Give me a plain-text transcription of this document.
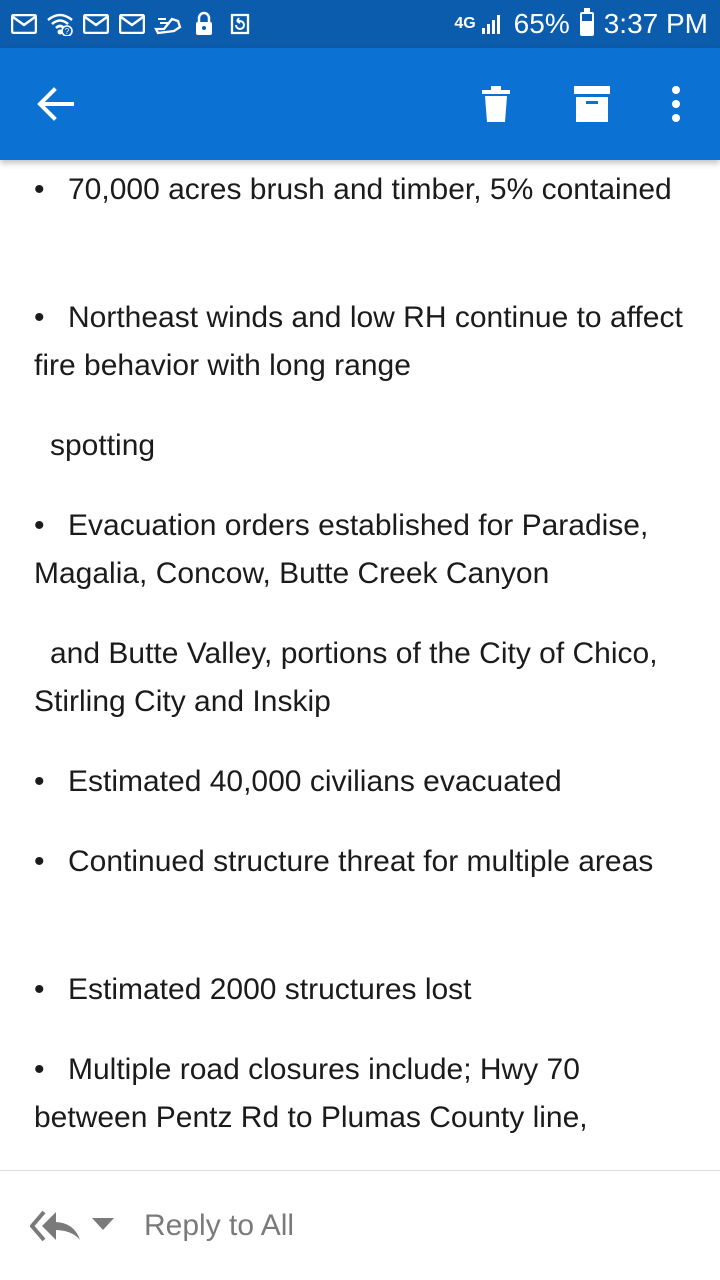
?	4G 65% 3:37 PM
• 70,000 acres brush and timber, 5% contained
• Northeast winds and low RH continue to affect fire behavior with long range
spotting
• Evacuation orders established for Paradise, Magalia, Concow, Butte Creek Canyon
and Butte Valley, portions of the City of Chico, Stirling City and Inskip
• Estimated 40,000 civilians evacuated
• Continued structure threat for multiple areas
• Estimated 2000 structures lost
• Multiple road closures include; Hwy 70 between Pentz Rd to Plumas County line,
Reply to All
